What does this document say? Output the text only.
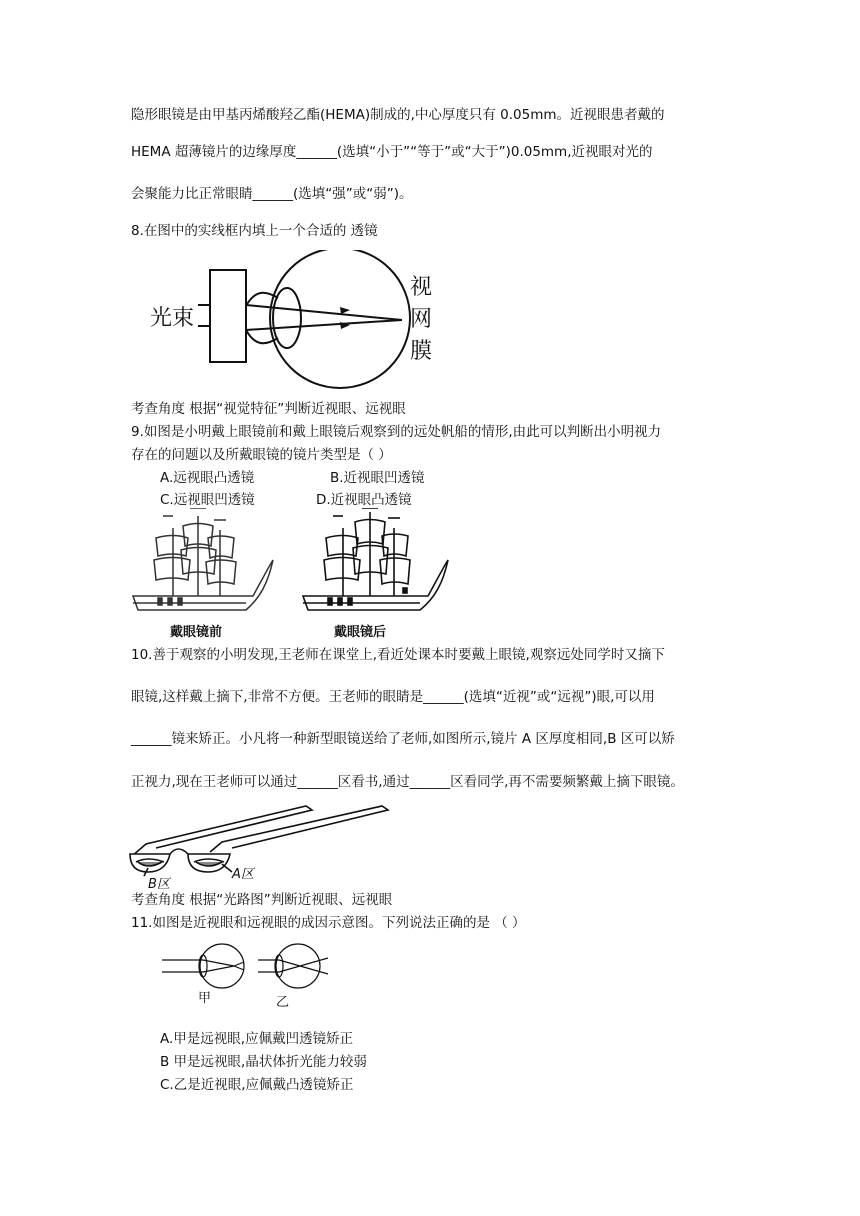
隐形眼镜是由甲基丙烯酸羟乙酯(HEMA)制成的,中心厚度只有 0.05mm。近视眼患者戴的
HEMA 超薄镜片的边缘厚度______(选填“小于”“等于”或“大于”)0.05mm,近视眼对光的
会聚能力比正常眼睛______(选填“强”或“弱”)。
8.在图中的实线框内填上一个合适的 透镜
光束
视
网
膜
考查角度 根据“视觉特征”判断近视眼、远视眼
9.如图是小明戴上眼镜前和戴上眼镜后观察到的远处帆船的情形,由此可以判断出小明视力
存在的问题以及所戴眼镜的镜片类型是（ ）
A.远视眼凸透镜	B.近视眼凹透镜
C.远视眼凹透镜	D.近视眼凸透镜
戴眼镜前	戴眼镜后
10.善于观察的小明发现,王老师在课堂上,看近处课本时要戴上眼镜,观察远处同学时又摘下
眼镜,这样戴上摘下,非常不方便。王老师的眼睛是______(选填“近视”或“远视”)眼,可以用
______镜来矫正。小凡将一种新型眼镜送给了老师,如图所示,镜片 A 区厚度相同,B 区可以矫
正视力,现在王老师可以通过______区看书,通过______区看同学,再不需要频繁戴上摘下眼镜。
A区
B区
考查角度 根据“光路图”判断近视眼、远视眼
11.如图是近视眼和远视眼的成因示意图。下列说法正确的是 （ ）
甲	乙
A.甲是远视眼,应佩戴凹透镜矫正
B 甲是远视眼,晶状体折光能力较弱
C.乙是近视眼,应佩戴凸透镜矫正
